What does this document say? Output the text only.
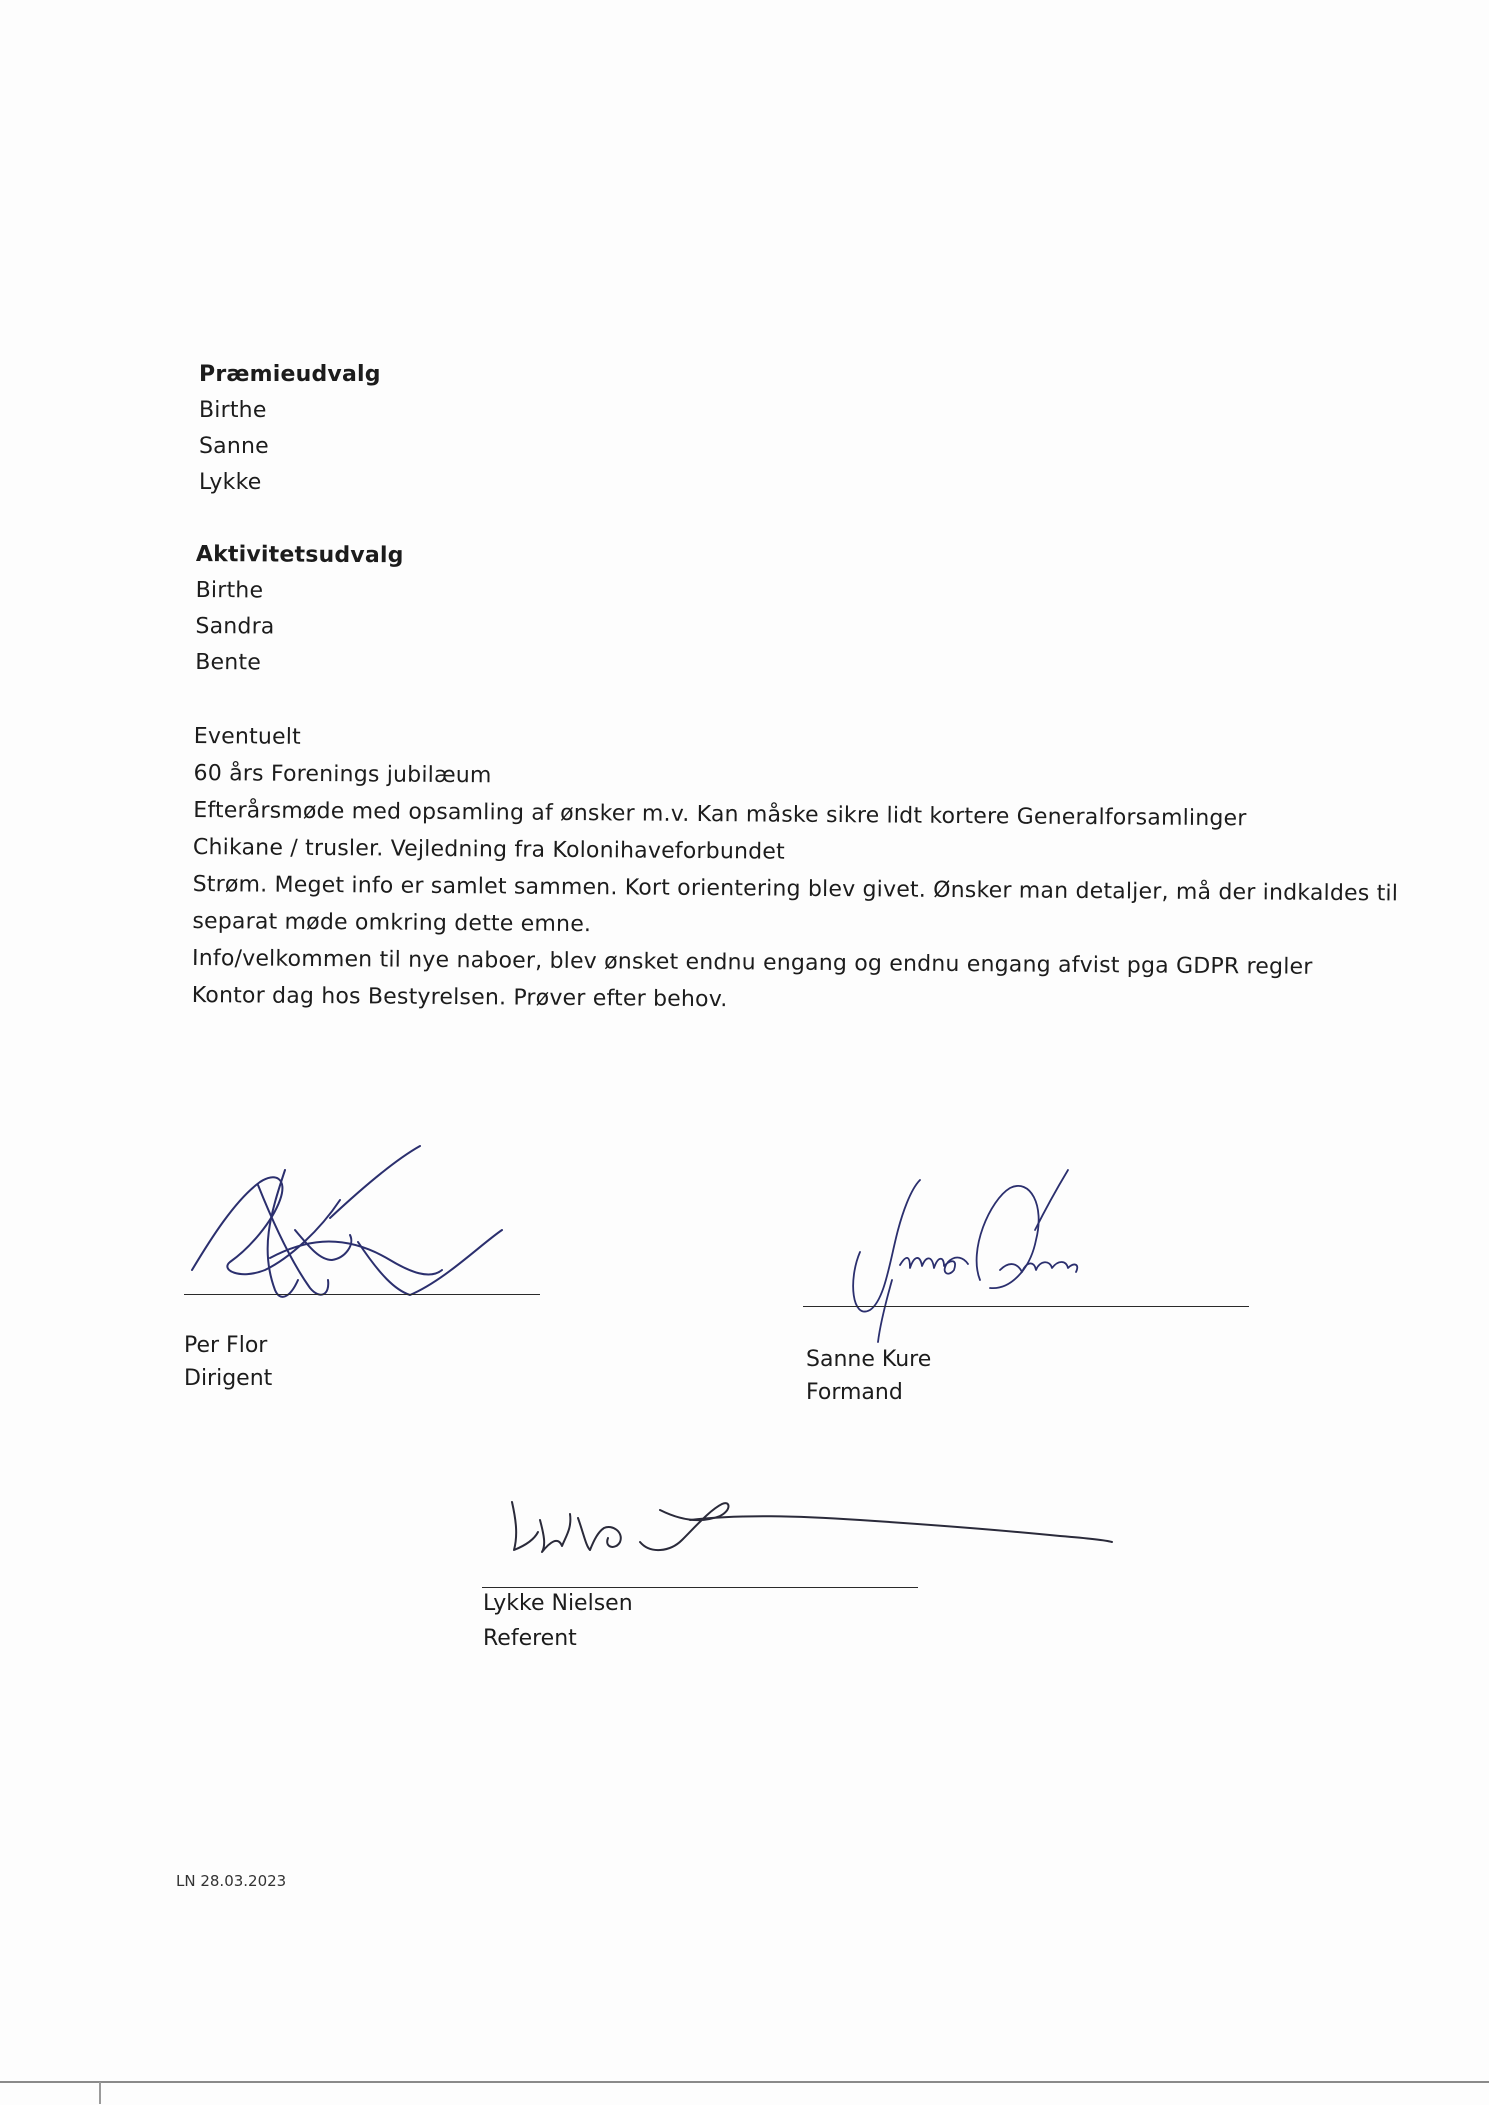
Præmieudvalg
Birthe
Sanne
Lykke
Aktivitetsudvalg
Birthe
Sandra
Bente
Eventuelt
60 års Forenings jubilæum
Efterårsmøde med opsamling af ønsker m.v. Kan måske sikre lidt kortere Generalforsamlinger
Chikane / trusler. Vejledning fra Kolonihaveforbundet
Strøm. Meget info er samlet sammen. Kort orientering blev givet. Ønsker man detaljer, må der indkaldes til
separat møde omkring dette emne.
Info/velkommen til nye naboer, blev ønsket endnu engang og endnu engang afvist pga GDPR regler
Kontor dag hos Bestyrelsen. Prøver efter behov.
Per Flor
Dirigent
Sanne Kure
Formand
Lykke Nielsen
Referent
LN 28.03.2023
